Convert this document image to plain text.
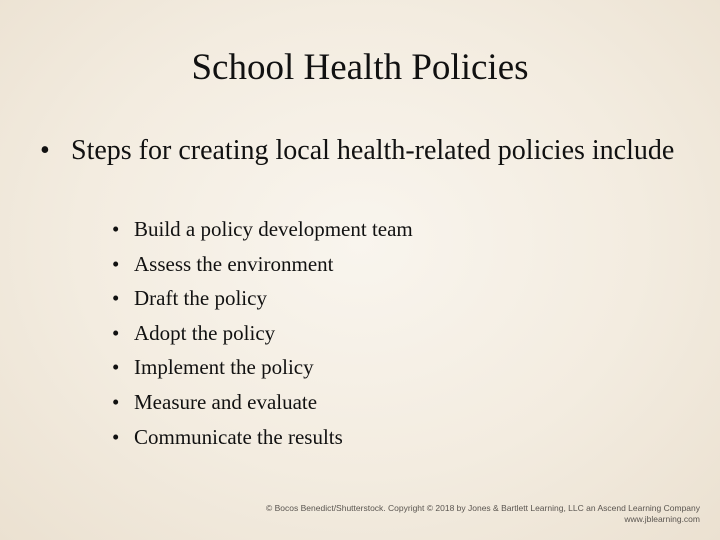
School Health Policies
• Steps for creating local health-related policies include
• Build a policy development team
• Assess the environment
• Draft the policy
• Adopt the policy
• Implement the policy
• Measure and evaluate
• Communicate the results
© Bocos Benedict/Shutterstock. Copyright © 2018 by Jones & Bartlett Learning, LLC an Ascend Learning Company
www.jblearning.com
